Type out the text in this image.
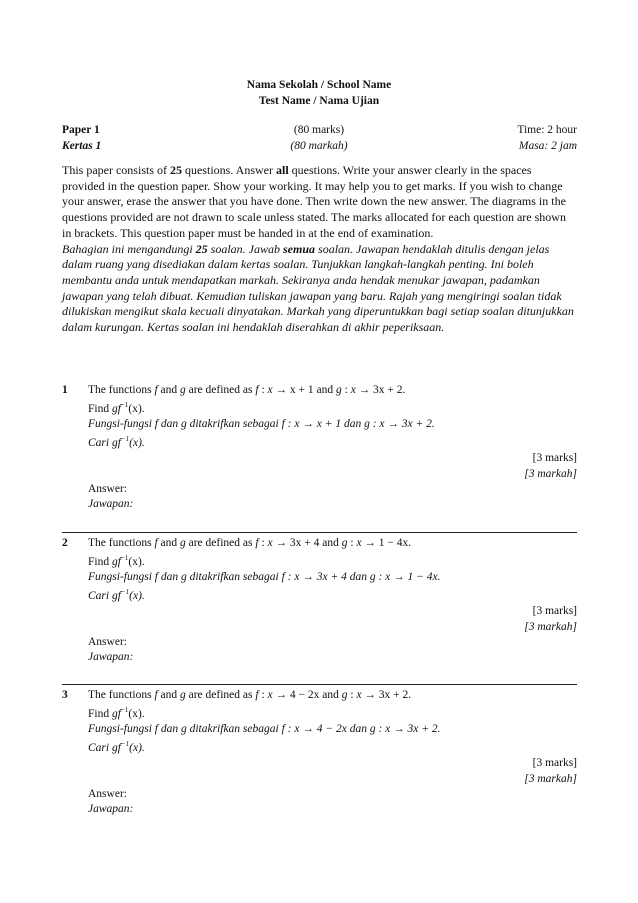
Nama Sekolah / School Name
Test Name / Nama Ujian
Paper 1
Kertas 1
(80 marks)
(80 markah)
Time: 2 hour
Masa: 2 jam

This paper consists of 25 questions. Answer all questions. Write your answer clearly in the spaces provided in the question paper. Show your working. It may help you to get marks. If you wish to change your answer, erase the answer that you have done. Then write down the new answer. The diagrams in the questions provided are not drawn to scale unless stated. The marks allocated for each question are shown in brackets. This question paper must be handed in at the end of examination.

Bahagian ini mengandungi 25 soalan. Jawab semua soalan. Jawapan hendaklah ditulis dengan jelas dalam ruang yang disediakan dalam kertas soalan. Tunjukkan langkah-langkah penting. Ini boleh membantu anda untuk mendapatkan markah. Sekiranya anda hendak menukar jawapan, padamkan jawapan yang telah dibuat. Kemudian tuliskan jawapan yang baru. Rajah yang mengiringi soalan tidak dilukiskan mengikut skala kecuali dinyatakan. Markah yang diperuntukkan bagi setiap soalan ditunjukkan dalam kurungan. Kertas soalan ini hendaklah diserahkan di akhir peperiksaan.

1 The functions f and g are defined as f : x → x + 1 and g : x → 3x + 2.
Find $gf^{-1}(x)$.
Fungsi-fungsi f dan g ditakrifkan sebagai f : x → x + 1 dan g : x → 3x + 2.
Cari $gf^{-1}(x)$.
[3 marks]
[3 markah]
Answer:
Jawapan:
2 The functions f and g are defined as f : x → 3x + 4 and g : x → 1 − 4x.
Find $gf^{-1}(x)$.
Fungsi-fungsi f dan g ditakrifkan sebagai f : x → 3x + 4 dan g : x → 1 − 4x.
Cari $gf^{-1}(x)$.
[3 marks]
[3 markah]
Answer:
Jawapan:
3 The functions f and g are defined as f : x → 4 − 2x and g : x → 3x + 2.
Find $gf^{-1}(x)$.
Fungsi-fungsi f dan g ditakrifkan sebagai f : x → 4 − 2x dan g : x → 3x + 2.
Cari $gf^{-1}(x)$.
[3 marks]
[3 markah]
Answer:
Jawapan:
